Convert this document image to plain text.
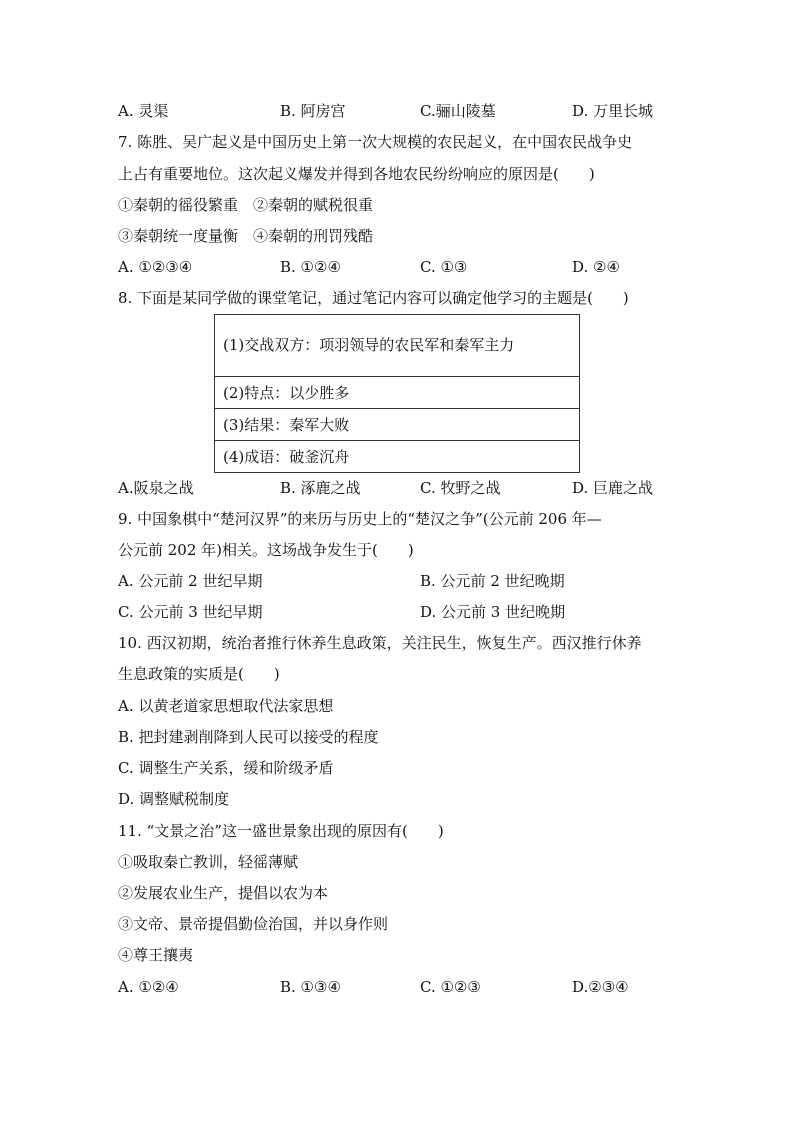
A. 灵渠	B. 阿房宫	C.骊山陵墓	D. 万里长城
7. 陈胜、吴广起义是中国历史上第一次大规模的农民起义，在中国农民战争史
上占有重要地位。这次起义爆发并得到各地农民纷纷响应的原因是(　　)
①秦朝的徭役繁重　②秦朝的赋税很重
③秦朝统一度量衡　④秦朝的刑罚残酷
A. ①②③④	B. ①②④	C. ①③	D. ②④
8. 下面是某同学做的课堂笔记，通过笔记内容可以确定他学习的主题是(　　)
(1)交战双方：项羽领导的农民军和秦军主力
(2)特点：以少胜多
(3)结果：秦军大败
(4)成语：破釜沉舟
A.阪泉之战	B. 涿鹿之战	C. 牧野之战	D. 巨鹿之战
9. 中国象棋中“楚河汉界”的来历与历史上的“楚汉之争”(公元前 206 年—
公元前 202 年)相关。这场战争发生于(　　)
A. 公元前 2 世纪早期	B. 公元前 2 世纪晚期
C. 公元前 3 世纪早期	D. 公元前 3 世纪晚期
10. 西汉初期，统治者推行休养生息政策，关注民生，恢复生产。西汉推行休养
生息政策的实质是(　　)
A. 以黄老道家思想取代法家思想
B. 把封建剥削降到人民可以接受的程度
C. 调整生产关系，缓和阶级矛盾
D. 调整赋税制度
11. “文景之治”这一盛世景象出现的原因有(　　)
①吸取秦亡教训，轻徭薄赋
②发展农业生产，提倡以农为本
③文帝、景帝提倡勤俭治国，并以身作则
④尊王攘夷
A. ①②④	B. ①③④	C. ①②③	D.②③④
